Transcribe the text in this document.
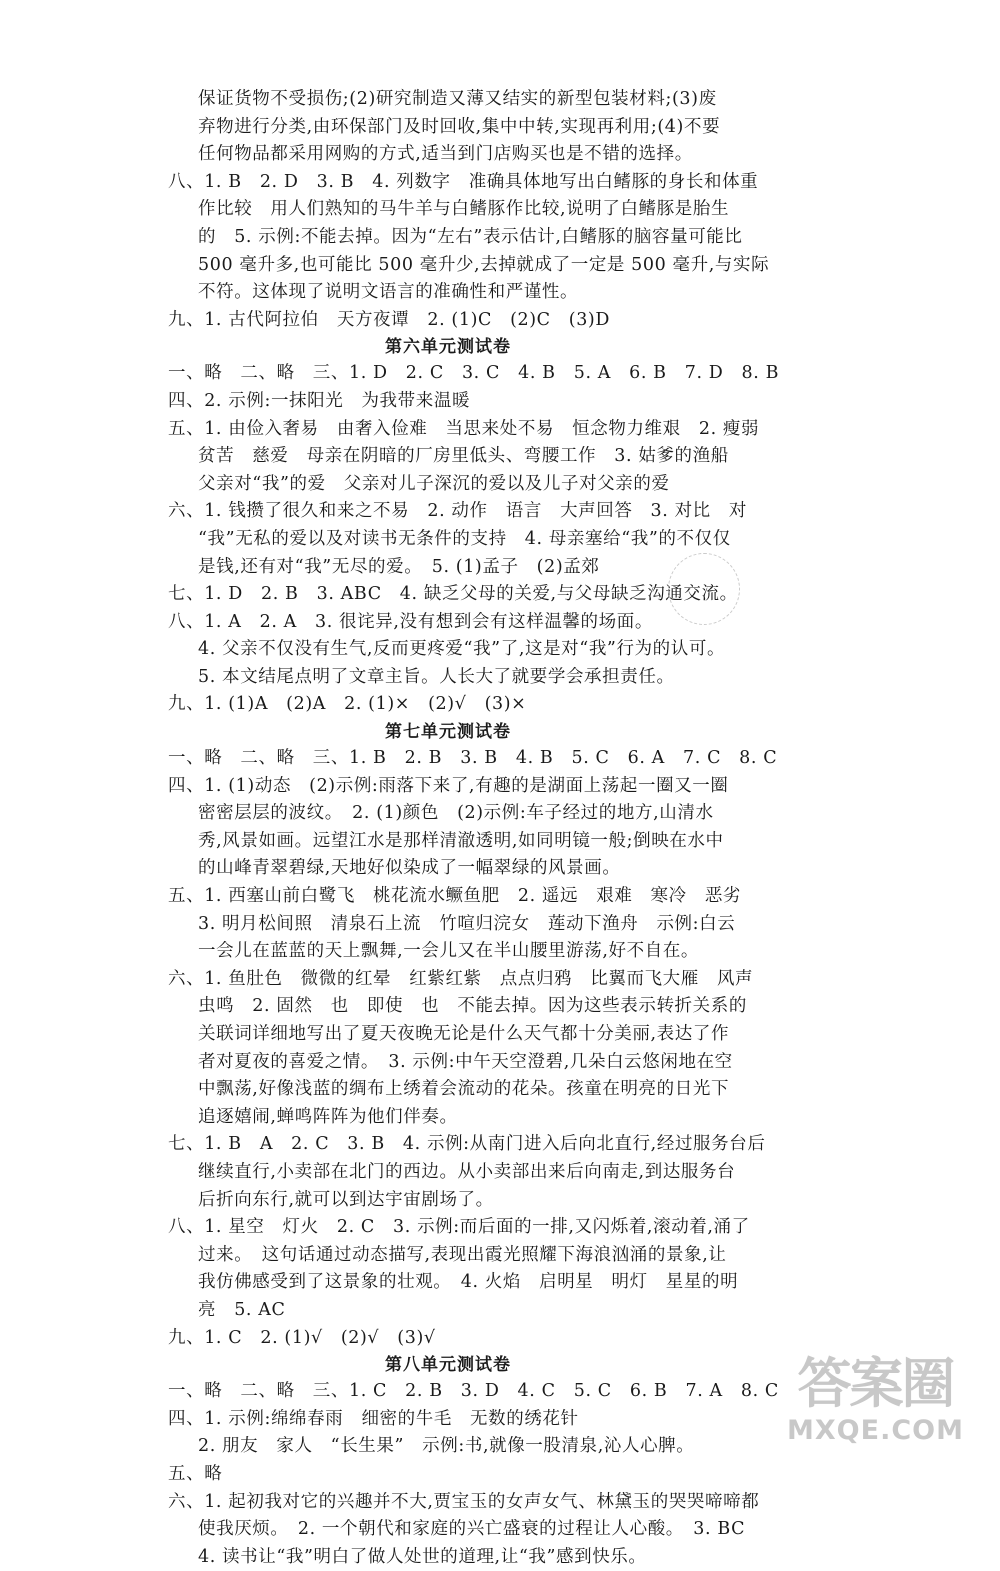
保证货物不受损伤;(2)研究制造又薄又结实的新型包装材料;(3)废
弃物进行分类,由环保部门及时回收,集中中转,实现再利用;(4)不要
任何物品都采用网购的方式,适当到门店购买也是不错的选择。
八、1. B　2. D　3. B　4. 列数字　准确具体地写出白鳍豚的身长和体重
作比较　用人们熟知的马牛羊与白鳍豚作比较,说明了白鳍豚是胎生
的　5. 示例:不能去掉。因为“左右”表示估计,白鳍豚的脑容量可能比
500 毫升多,也可能比 500 毫升少,去掉就成了一定是 500 毫升,与实际
不符。这体现了说明文语言的准确性和严谨性。
九、1. 古代阿拉伯　天方夜谭　2. (1)C　(2)C　(3)D
第六单元测试卷
一、略　二、略　三、1. D　2. C　3. C　4. B　5. A　6. B　7. D　8. B
四、2. 示例:一抹阳光　为我带来温暖
五、1. 由俭入奢易　由奢入俭难　当思来处不易　恒念物力维艰　2. 瘦弱
贫苦　慈爱　母亲在阴暗的厂房里低头、弯腰工作　3. 姑爹的渔船
父亲对“我”的爱　父亲对儿子深沉的爱以及儿子对父亲的爱
六、1. 钱攒了很久和来之不易　2. 动作　语言　大声回答　3. 对比　对
“我”无私的爱以及对读书无条件的支持　4. 母亲塞给“我”的不仅仅
是钱,还有对“我”无尽的爱。　5. (1)孟子　(2)孟郊
七、1. D　2. B　3. ABC　4. 缺乏父母的关爱,与父母缺乏沟通交流。
八、1. A　2. A　3. 很诧异,没有想到会有这样温馨的场面。
4. 父亲不仅没有生气,反而更疼爱“我”了,这是对“我”行为的认可。
5. 本文结尾点明了文章主旨。人长大了就要学会承担责任。
九、1. (1)A　(2)A　2. (1)×　(2)√　(3)×
第七单元测试卷
一、略　二、略　三、1. B　2. B　3. B　4. B　5. C　6. A　7. C　8. C
四、1. (1)动态　(2)示例:雨落下来了,有趣的是湖面上荡起一圈又一圈
密密层层的波纹。　2. (1)颜色　(2)示例:车子经过的地方,山清水
秀,风景如画。远望江水是那样清澈透明,如同明镜一般;倒映在水中
的山峰青翠碧绿,天地好似染成了一幅翠绿的风景画。
五、1. 西塞山前白鹭飞　桃花流水鳜鱼肥　2. 遥远　艰难　寒冷　恶劣
3. 明月松间照　清泉石上流　竹喧归浣女　莲动下渔舟　示例:白云
一会儿在蓝蓝的天上飘舞,一会儿又在半山腰里游荡,好不自在。
六、1. 鱼肚色　微微的红晕　红紫红紫　点点归鸦　比翼而飞大雁　风声
虫鸣　2. 固然　也　即使　也　不能去掉。因为这些表示转折关系的
关联词详细地写出了夏天夜晚无论是什么天气都十分美丽,表达了作
者对夏夜的喜爱之情。　3. 示例:中午天空澄碧,几朵白云悠闲地在空
中飘荡,好像浅蓝的绸布上绣着会流动的花朵。孩童在明亮的日光下
追逐嬉闹,蝉鸣阵阵为他们伴奏。
七、1. B　A　2. C　3. B　4. 示例:从南门进入后向北直行,经过服务台后
继续直行,小卖部在北门的西边。从小卖部出来后向南走,到达服务台
后折向东行,就可以到达宇宙剧场了。
八、1. 星空　灯火　2. C　3. 示例:而后面的一排,又闪烁着,滚动着,涌了
过来。　这句话通过动态描写,表现出霞光照耀下海浪汹涌的景象,让
我仿佛感受到了这景象的壮观。　4. 火焰　启明星　明灯　星星的明
亮　5. AC
九、1. C　2. (1)√　(2)√　(3)√
第八单元测试卷
一、略　二、略　三、1. C　2. B　3. D　4. C　5. C　6. B　7. A　8. C
四、1. 示例:绵绵春雨　细密的牛毛　无数的绣花针
2. 朋友　家人　“长生果”　示例:书,就像一股清泉,沁人心脾。
五、略
六、1. 起初我对它的兴趣并不大,贾宝玉的女声女气、林黛玉的哭哭啼啼都
使我厌烦。　2. 一个朝代和家庭的兴亡盛衰的过程让人心酸。　3. BC
4. 读书让“我”明白了做人处世的道理,让“我”感到快乐。
答案圈
MXQE.COM
